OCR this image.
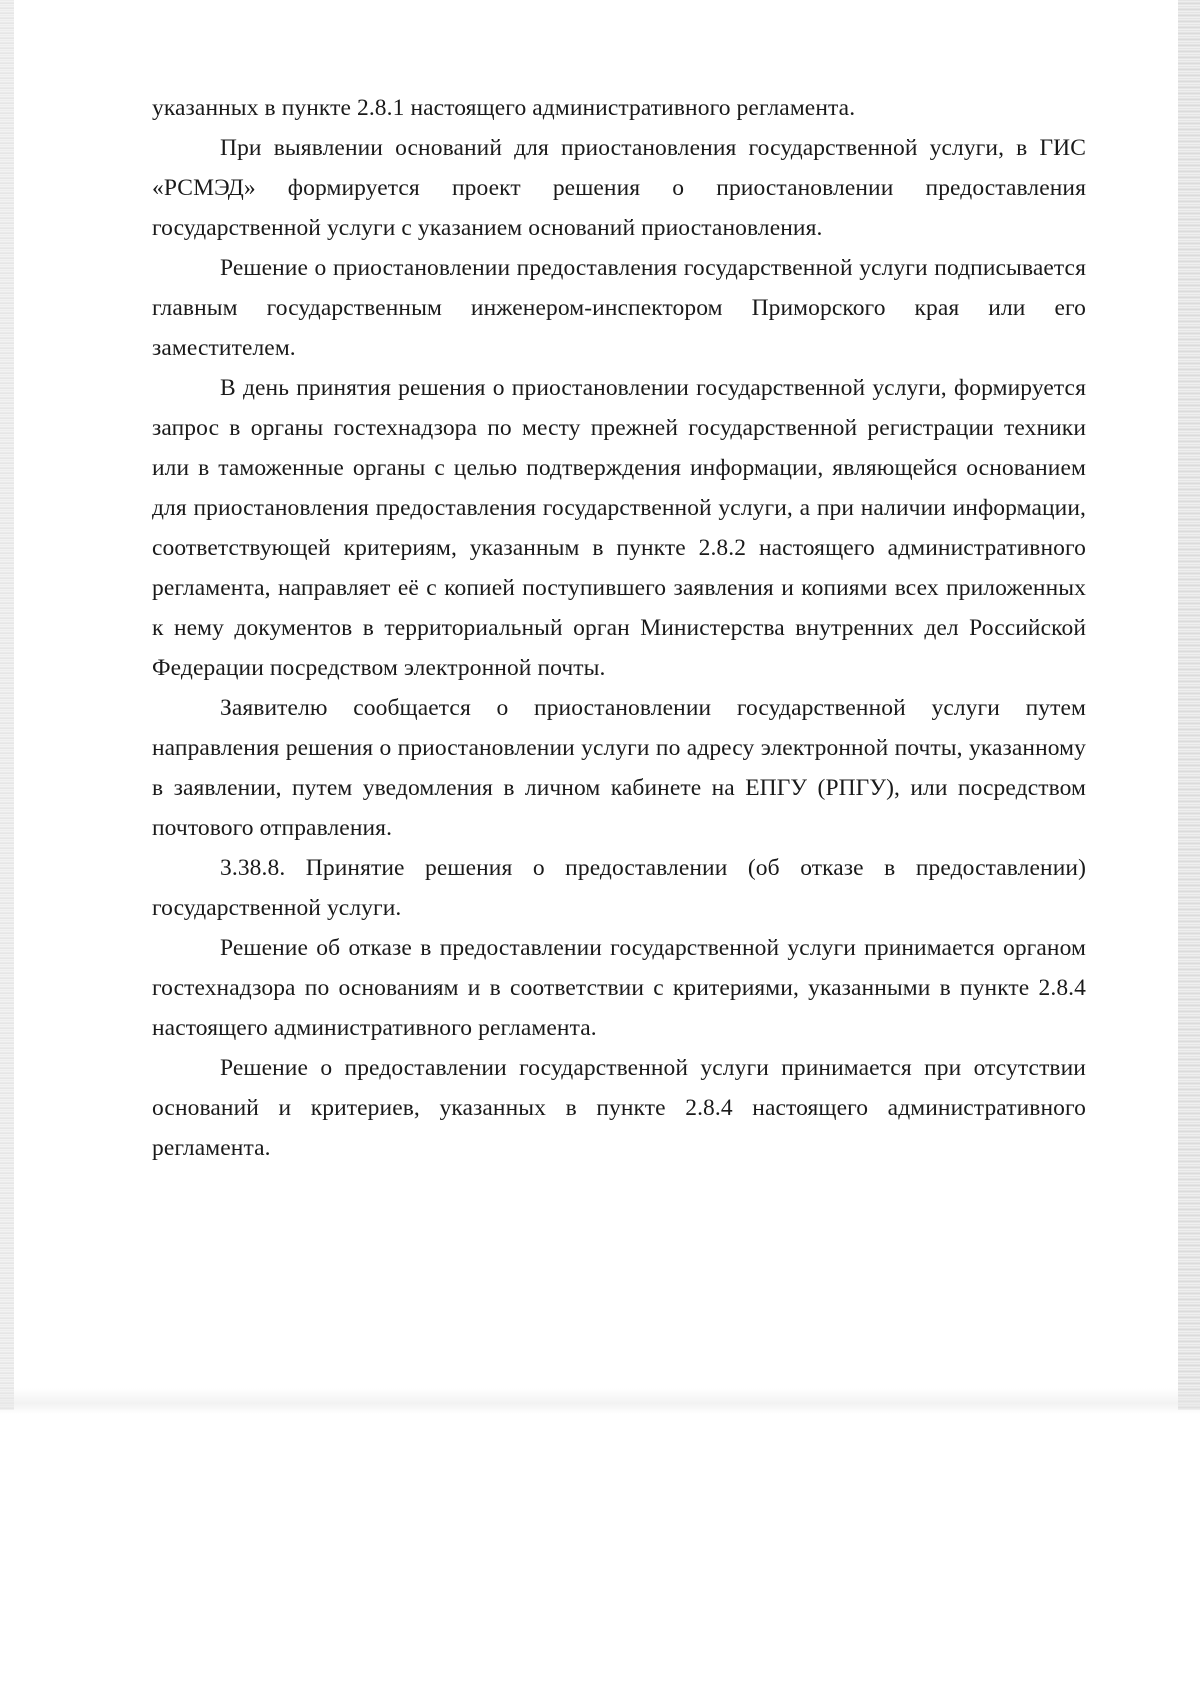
указанных в пункте 2.8.1 настоящего административного регламента.

При выявлении оснований для приостановления государственной услуги, в ГИС «РСМЭД» формируется проект решения о приостановлении предоставления государственной услуги с указанием оснований приостановления.

Решение о приостановлении предоставления государственной услуги подписывается главным государственным инженером-инспектором Приморского края или его заместителем.

В день принятия решения о приостановлении государственной услуги, формируется запрос в органы гостехнадзора по месту прежней государственной регистрации техники или в таможенные органы с целью подтверждения информации, являющейся основанием для приостановления предоставления государственной услуги, а при наличии информации, соответствующей критериям, указанным в пункте 2.8.2 настоящего административного регламента, направляет её с копией поступившего заявления и копиями всех приложенных к нему документов в территориальный орган Министерства внутренних дел Российской Федерации посредством электронной почты.

Заявителю сообщается о приостановлении государственной услуги путем направления решения о приостановлении услуги по адресу электронной почты, указанному в заявлении, путем уведомления в личном кабинете на ЕПГУ (РПГУ), или посредством почтового отправления.

3.38.8. Принятие решения о предоставлении (об отказе в предоставлении) государственной услуги.

Решение об отказе в предоставлении государственной услуги принимается органом гостехнадзора по основаниям и в соответствии с критериями, указанными в пункте 2.8.4 настоящего административного регламента.

Решение о предоставлении государственной услуги принимается при отсутствии оснований и критериев, указанных в пункте 2.8.4 настоящего административного регламента.
